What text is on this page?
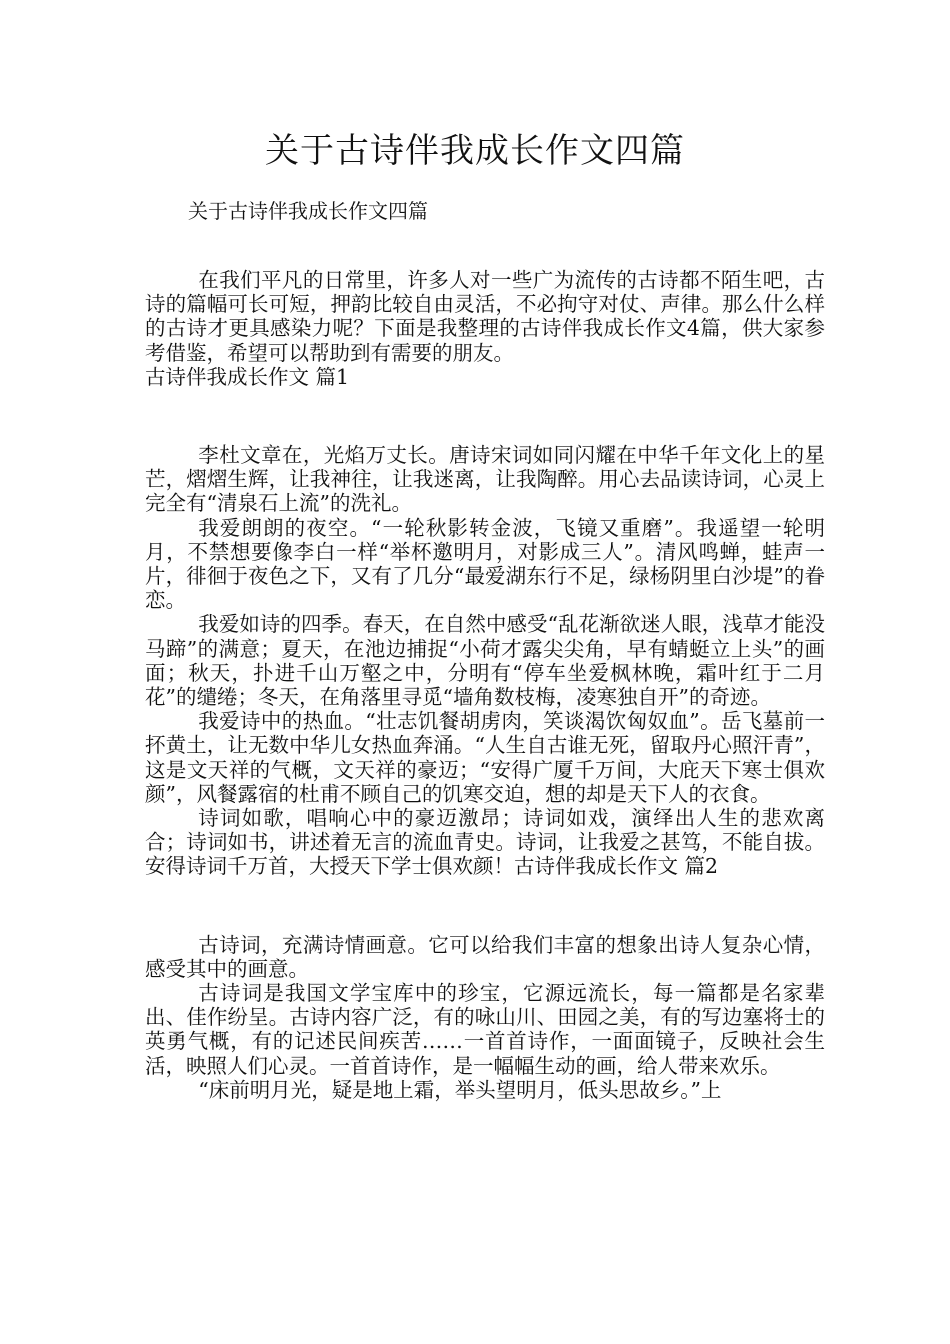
关于古诗伴我成长作文四篇
关于古诗伴我成长作文四篇

在我们平凡的日常里，许多人对一些广为流传的古诗都不陌生吧，古诗的篇幅可长可短，押韵比较自由灵活，不必拘守对仗、声律。那么什么样的古诗才更具感染力呢？下面是我整理的古诗伴我成长作文4篇，供大家参考借鉴，希望可以帮助到有需要的朋友。
古诗伴我成长作文 篇1

李杜文章在，光焰万丈长。唐诗宋词如同闪耀在中华千年文化上的星芒，熠熠生辉，让我神往，让我迷离，让我陶醉。用心去品读诗词，心灵上完全有“清泉石上流”的洗礼。

我爱朗朗的夜空。“一轮秋影转金波，飞镜又重磨”。我遥望一轮明月，不禁想要像李白一样“举杯邀明月，对影成三人”。清风鸣蝉，蛙声一片，徘徊于夜色之下，又有了几分“最爱湖东行不足，绿杨阴里白沙堤”的眷恋。

我爱如诗的四季。春天，在自然中感受“乱花渐欲迷人眼，浅草才能没马蹄”的满意；夏天，在池边捕捉“小荷才露尖尖角，早有蜻蜓立上头”的画面；秋天，扑进千山万壑之中，分明有“停车坐爱枫林晚，霜叶红于二月花”的缱绻；冬天，在角落里寻觅“墙角数枝梅，凌寒独自开”的奇迹。

我爱诗中的热血。“壮志饥餐胡虏肉，笑谈渴饮匈奴血”。岳飞墓前一抔黄土，让无数中华儿女热血奔涌。“人生自古谁无死，留取丹心照汗青”，这是文天祥的气概，文天祥的豪迈；“安得广厦千万间，大庇天下寒士俱欢颜”，风餐露宿的杜甫不顾自己的饥寒交迫，想的却是天下人的衣食。

诗词如歌，唱响心中的豪迈激昂；诗词如戏，演绎出人生的悲欢离合；诗词如书，讲述着无言的流血青史。诗词，让我爱之甚笃，不能自拔。安得诗词千万首，大授天下学士俱欢颜！古诗伴我成长作文 篇2

古诗词，充满诗情画意。它可以给我们丰富的想象出诗人复杂心情，感受其中的画意。

古诗词是我国文学宝库中的珍宝，它源远流长，每一篇都是名家辈出、佳作纷呈。古诗内容广泛，有的咏山川、田园之美，有的写边塞将士的英勇气概，有的记述民间疾苦……一首首诗作，一面面镜子，反映社会生活，映照人们心灵。一首首诗作，是一幅幅生动的画，给人带来欢乐。

“床前明月光，疑是地上霜，举头望明月，低头思故乡。”上
